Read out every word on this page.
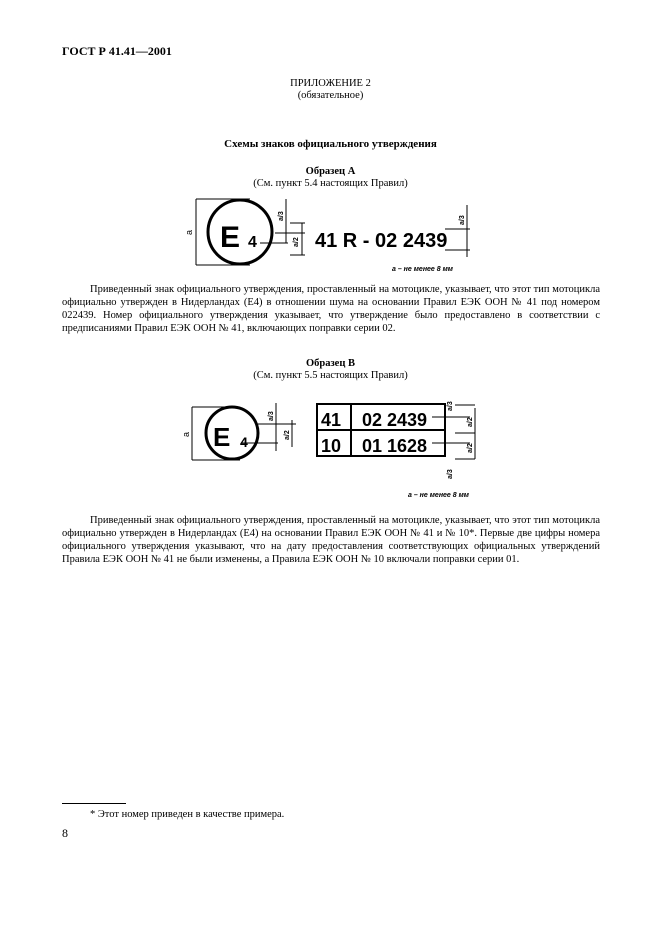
ГОСТ Р 41.41—2001
ПРИЛОЖЕНИЕ 2
(обязательное)
Схемы знаков официального утверждения
Образец А
(См. пункт 5.4 настоящих Правил)
a E 4
a/3
a/2 41 R - 02 2439
a/3
a – не менее 8 мм
Приведенный знак официального утверждения, проставленный на мотоцикле, указывает, что этот тип мотоцикла официально утвержден в Нидерландах (Е4) в отношении шума на основании Правил ЕЭК ООН № 41 под номером 022439. Номер официального утверждения указывает, что утверждение было предоставлено в соответствии с предписаниями Правил ЕЭК ООН № 41, включающих поправки серии 02.
Образец В
(См. пункт 5.5 настоящих Правил)
a E 4
a/3
a/2
41 02 2439
10 01 1628
a/3
a/2
a/2
a/3
a – не менее 8 мм
Приведенный знак официального утверждения, проставленный на мотоцикле, указывает, что этот тип мотоцикла официально утвержден в Нидерландах (Е4) на основании Правил ЕЭК ООН № 41 и № 10*. Первые две цифры номера официального утверждения указывают, что на дату предоставления соответствующих официальных утверждений Правила ЕЭК ООН № 41 не были изменены, а Правила ЕЭК ООН № 10 включали поправки серии 01.
* Этот номер приведен в качестве примера.
8
